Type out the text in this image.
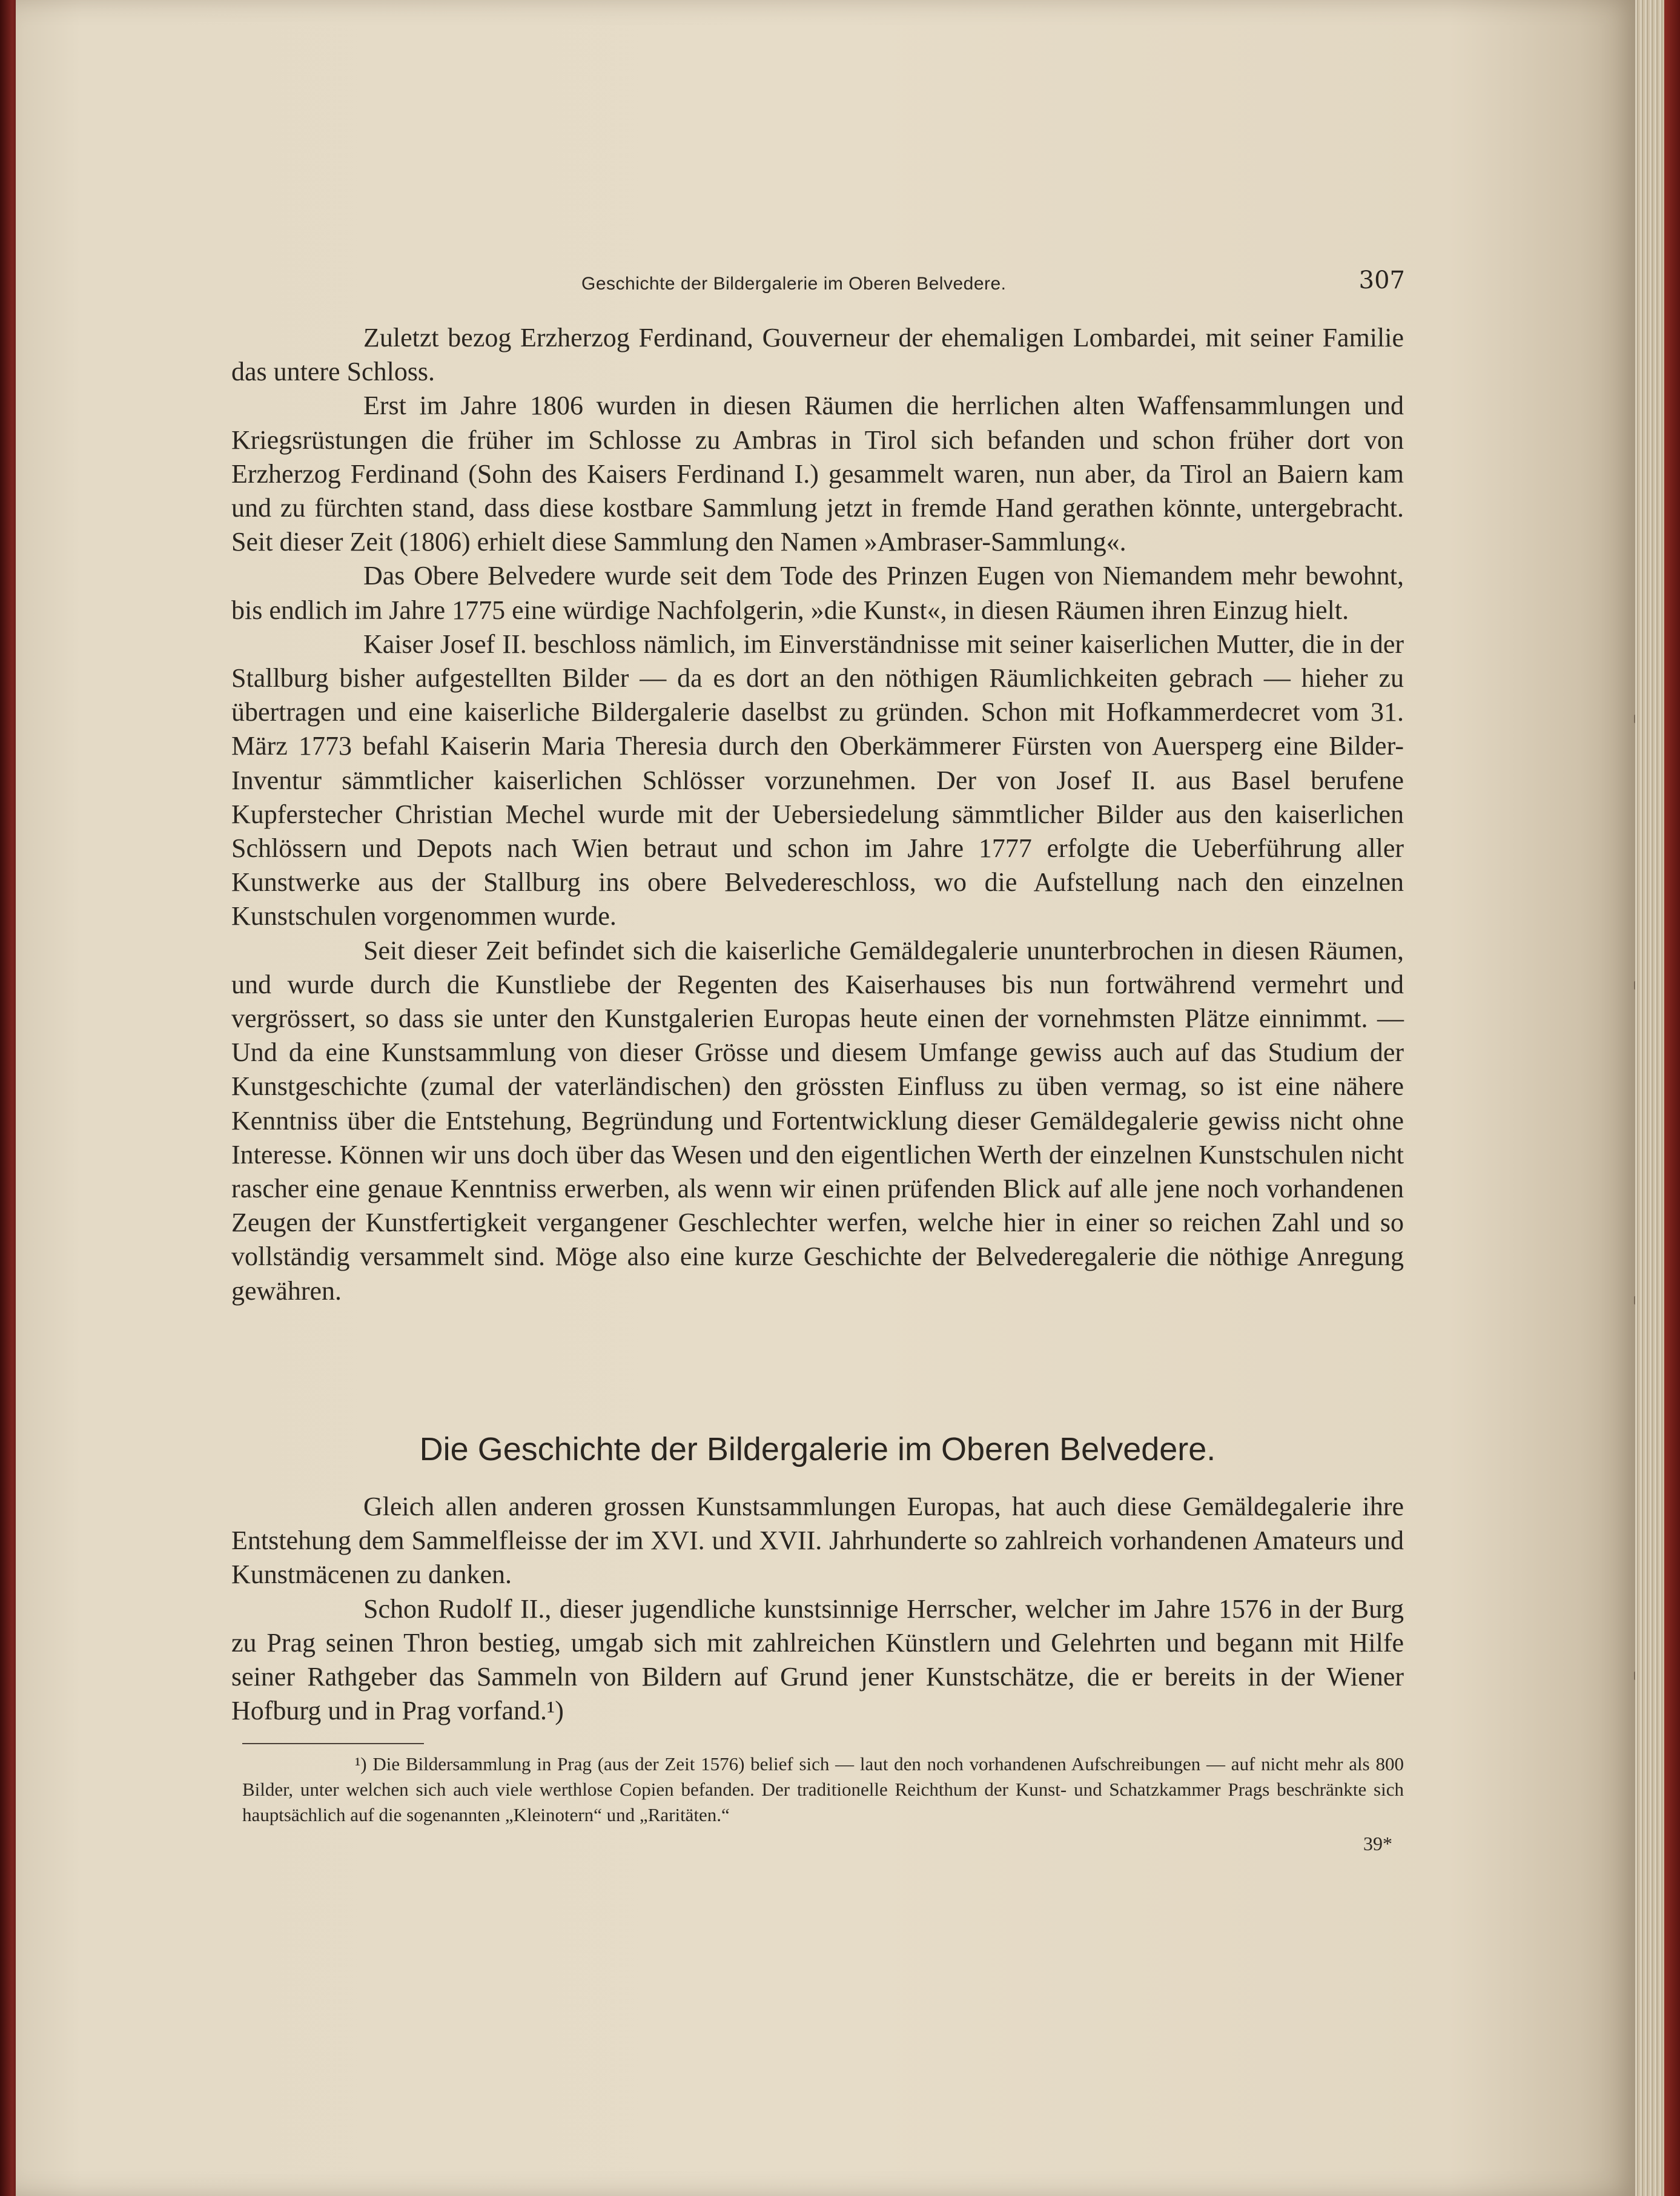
Geschichte der Bildergalerie im Oberen Belvedere.	307

Zuletzt bezog Erzherzog Ferdinand, Gouverneur der ehemaligen Lombardei, mit seiner Familie das untere Schloss.

Erst im Jahre 1806 wurden in diesen Räumen die herrlichen alten Waffensammlungen und Kriegsrüstungen die früher im Schlosse zu Ambras in Tirol sich befanden und schon früher dort von Erzherzog Ferdinand (Sohn des Kaisers Ferdinand I.) gesammelt waren, nun aber, da Tirol an Baiern kam und zu fürchten stand, dass diese kostbare Sammlung jetzt in fremde Hand gerathen könnte, untergebracht. Seit dieser Zeit (1806) erhielt diese Sammlung den Namen »Ambraser-Sammlung«.

Das Obere Belvedere wurde seit dem Tode des Prinzen Eugen von Niemandem mehr bewohnt, bis endlich im Jahre 1775 eine würdige Nachfolgerin, »die Kunst«, in diesen Räumen ihren Einzug hielt.

Kaiser Josef II. beschloss nämlich, im Einverständnisse mit seiner kaiserlichen Mutter, die in der Stallburg bisher aufgestellten Bilder — da es dort an den nöthigen Räumlichkeiten gebrach — hieher zu übertragen und eine kaiserliche Bildergalerie daselbst zu gründen. Schon mit Hofkammerdecret vom 31. März 1773 befahl Kaiserin Maria Theresia durch den Oberkämmerer Fürsten von Auersperg eine Bilder-Inventur sämmtlicher kaiserlichen Schlösser vorzunehmen. Der von Josef II. aus Basel berufene Kupferstecher Christian Mechel wurde mit der Uebersiedelung sämmtlicher Bilder aus den kaiserlichen Schlössern und Depots nach Wien betraut und schon im Jahre 1777 erfolgte die Ueberführung aller Kunstwerke aus der Stallburg ins obere Belvedereschloss, wo die Aufstellung nach den einzelnen Kunstschulen vorgenommen wurde.

Seit dieser Zeit befindet sich die kaiserliche Gemäldegalerie ununterbrochen in diesen Räumen, und wurde durch die Kunstliebe der Regenten des Kaiserhauses bis nun fortwährend vermehrt und vergrössert, so dass sie unter den Kunstgalerien Europas heute einen der vornehmsten Plätze einnimmt. — Und da eine Kunstsammlung von dieser Grösse und diesem Umfange gewiss auch auf das Studium der Kunstgeschichte (zumal der vaterländischen) den grössten Einfluss zu üben vermag, so ist eine nähere Kenntniss über die Entstehung, Begründung und Fortentwicklung dieser Gemäldegalerie gewiss nicht ohne Interesse. Können wir uns doch über das Wesen und den eigentlichen Werth der einzelnen Kunstschulen nicht rascher eine genaue Kenntniss erwerben, als wenn wir einen prüfenden Blick auf alle jene noch vorhandenen Zeugen der Kunstfertigkeit vergangener Geschlechter werfen, welche hier in einer so reichen Zahl und so vollständig versammelt sind. Möge also eine kurze Geschichte der Belvederegalerie die nöthige Anregung gewähren.

Die Geschichte der Bildergalerie im Oberen Belvedere.

Gleich allen anderen grossen Kunstsammlungen Europas, hat auch diese Gemäldegalerie ihre Entstehung dem Sammelfleisse der im XVI. und XVII. Jahrhunderte so zahlreich vorhandenen Amateurs und Kunstmäcenen zu danken.

Schon Rudolf II., dieser jugendliche kunstsinnige Herrscher, welcher im Jahre 1576 in der Burg zu Prag seinen Thron bestieg, umgab sich mit zahlreichen Künstlern und Gelehrten und begann mit Hilfe seiner Rathgeber das Sammeln von Bildern auf Grund jener Kunstschätze, die er bereits in der Wiener Hofburg und in Prag vorfand.¹)

¹) Die Bildersammlung in Prag (aus der Zeit 1576) belief sich — laut den noch vorhandenen Aufschreibungen — auf nicht mehr als 800 Bilder, unter welchen sich auch viele werthlose Copien befanden. Der traditionelle Reichthum der Kunst- und Schatzkammer Prags beschränkte sich hauptsächlich auf die sogenannten „Kleinotern“ und „Raritäten.“

39*
